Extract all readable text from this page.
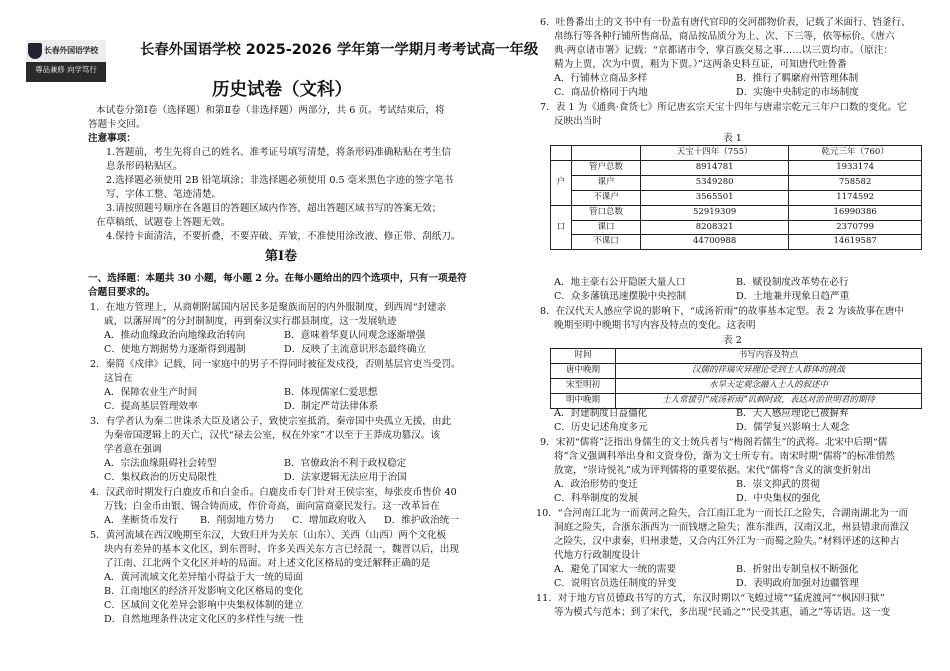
长春外国语学校
尊品兼修 向学笃行
长春外国语学校 2025-2026 学年第一学期月考考试高一年级
历史试卷（文科）
本试卷分第Ⅰ卷（选择题）和第Ⅱ卷（非选择题）两部分，共 6 页。考试结束后，将
答题卡交回。
注意事项：
1.答题前，考生先将自己的姓名、准考证号填写清楚，将条形码准确粘贴在考生信
息条形码粘贴区。
2.选择题必须使用 2B 铅笔填涂；非选择题必须使用 0.5 毫米黑色字迹的签字笔书
写，字体工整、笔迹清楚。
3.请按照题号顺序在各题目的答题区域内作答，超出答题区域书写的答案无效；
在草稿纸、试题卷上答题无效。
4.保持卡面清洁，不要折叠，不要弄破、弄皱，不准使用涂改液、修正带、刮纸刀。
第Ⅰ卷
一、选择题：本题共 30 小题，每小题 2 分。在每小题给出的四个选项中，只有一项是符
合题目要求的。
1．在地方管理上，从商朝附属国内居民多是聚族而居的内外服制度，到西周“封建亲
戚，以藩屏周”的分封制制度，再到秦汉实行郡县制度，这一发展轨迹
A．推动血缘政治向地缘政治转向	B．意味着华夏认同观念逐渐增强
C．使地方割据势力逐渐得到遏制	D．反映了主流意识形态最终确立
2．秦简《戍律》记载，同一家庭中的男子不得同时被征发戍役，否则基层官吏当受罚。
这旨在
A．保障农业生产时间	B．体现儒家仁爱思想
C．提高基层管理效率	D．制定严苛法律体系
3．有学者认为秦二世诛杀大臣及诸公子，致使宗室抵消，秦帝国中央孤立无援，由此
为秦帝国逻辑上的天亡，汉代“禄去公室，权在外家”才以至于王莽成功篡汉。该
学者意在强调
A．宗法血缘阻碍社会转型	B．官僚政治不利于政权稳定
C．集权政治的历史局限性	D．法家逻辑无法应用于治国
4．汉武帝时期发行白鹿皮币和白金币。白鹿皮币专门针对王侯宗室，每张皮币售价 40
万钱；白金币由银、锡合铸而成，作价奇高，面向富商豪民发行。这一改革旨在
A．垄断货币发行 B．削弱地方势力 C．增加政府收入 D．维护政治统一
5．黄河流域在西汉晚期至东汉，大致归并为关东（山东）、关西（山西）两个文化板
块内有差异的基本文化区，到东晋时，许多关西关东方言已经混一，魏晋以后，出现
了江南、江北两个文化区并峙的局面。对上述文化区格局的变迁解释正确的是
A．黄河流域文化差异缩小得益于大一统的局面
B．江南地区的经济开发影响文化区格局的变化
C．区域间文化差异会影响中央集权体制的建立
D．自然地理条件决定文化区的多样性与统一性
		天宝十四年（755）	乾元三年（760）
户	管户总数	8914781	1933174
	课户	5349280	758582
	不课户	3565501	1174592
口	管口总数	52919309	16990386
	课口	8208321	2370799
	不课口	44700988	14619587
时间	书写内容及特点
唐中晚期	汉儒的祥瑞灾异理论受到士人群体的挑战
宋至明初	水旱天定观念融入士人的叙述中
明中晚期	士人常援引“成汤祈雨”讥刺时政，表达对治世明君的期待
6．吐鲁番出土的文书中有一份盖有唐代官印的交河郡物价表，记载了米面行、铛釜行、
帛练行等各种行铺所售商品，商品按品质分为上、次、下三等，依等标价。《唐六
典·两京诸市署》记载：“京都诸市令，掌百族交易之事……以三贾均市。（原注：
精为上贾，次为中贾，粗为下贾。）”这两条史料互证，可知唐代吐鲁番
A．行铺林立商品多样	B．推行了羁縻府州管理体制
C．商品价格同于内地	D．实施中央制定的市场制度
7．表 1 为《通典·食货七》所记唐玄宗天宝十四年与唐肃宗乾元三年户口数的变化。它
反映出当时
表 1
A．地主豪右公开隐匿大量人口	B．赋役制度改革势在必行
C．众多藩镇迅速摆脱中央控制	D．土地兼并现象日趋严重
8．在汉代天人感应学说的影响下，“成汤祈雨”的故事基本定型。表 2 为该故事在唐中
晚期至明中晚期书写内容及特点的变化。这表明
表 2
A．封建制度日益僵化	B．天人感应理论已被摒弃
C．历史记述角度多元	D．儒学复兴影响士人观念
9．宋初“儒将”泛指出身儒生的文士统兵者与“梅阁若儒生”的武将。北宋中后期“儒
将”含义强调科举出身和文资身份，渐为文士所专有。南宋时期“儒将”的标准悄然
放宽，“崇诗悦礼”成为评判儒将的重要依据。宋代“儒将”含义的演变折射出
A．政治形势的变迁	B．崇文抑武的贯彻
C．科举制度的发展	D．中央集权的强化
10．“合河南江北为一而黄河之险失，合江南江北为一而长江之险失，合湖南湖北为一而
洞庭之险失，合浙东浙西为一而钱塘之险失；淮东淮西，汉南汉北，州县错隶而淮汉
之险失，汉中隶秦，归州隶楚，又合内江外江为一而蜀之险失。”材料评述的这种古
代地方行政制度设计
A．避免了国家大一统的需要	B．折射出专制皇权不断强化
C．说明官员选任制度的异变	D．表明政府加强对边疆管理
11．对于地方官员德政书写的方式，东汉时期以“飞蝗过境”“猛虎渡河”“枫因归狱”
等为模式与范本；到了宋代，多出现“民诵之”“民受其惠，诵之”等话语。这一变
